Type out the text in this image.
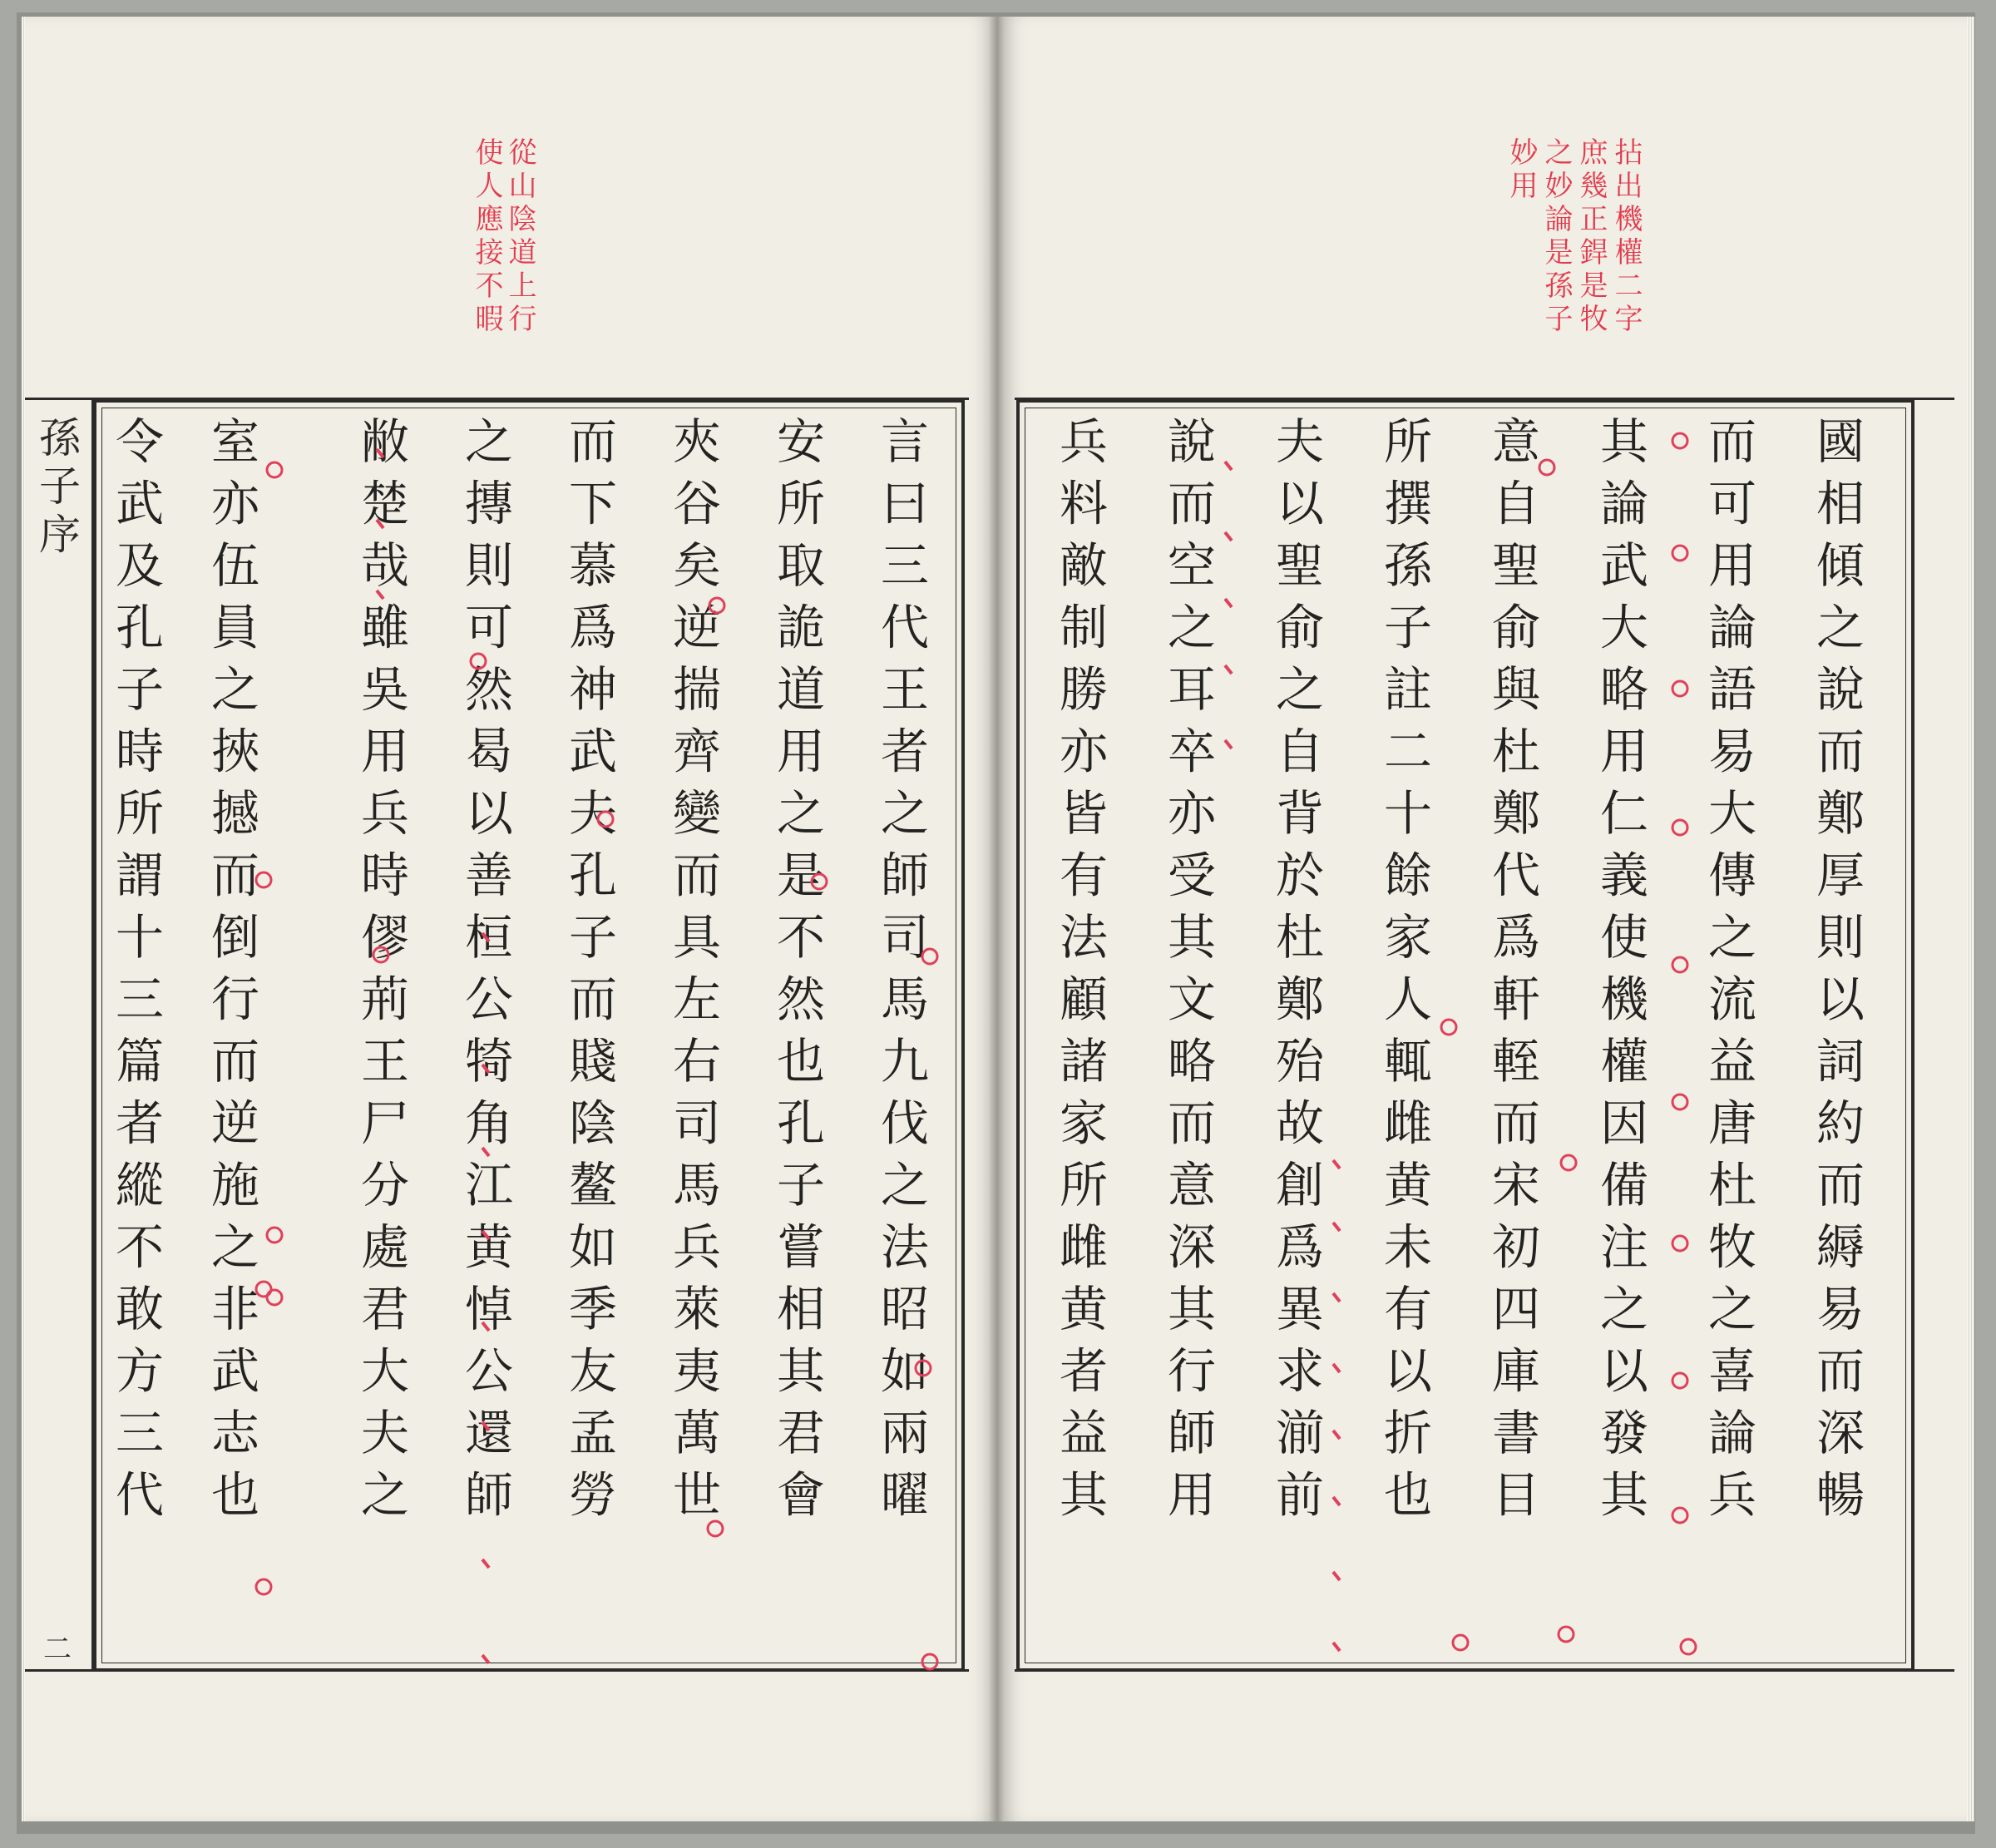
孫子序
二
從山陰道上行
使人應接不暇	拈出機權二字
庶幾正銲是牧
之妙論是孫子
妙用
言曰三代王者之師司馬九伐之法昭如兩曜
安所取詭道用之是不然也孔子嘗相其君會
夾谷矣逆揣齊變而具左右司馬兵萊夷萬世
而下慕爲神武夫孔子而賤陰鳌如季友孟勞
之摶則可然曷以善桓公犄角江黄悼公還師
敝楚哉雖吳用兵時僇荊王尸分處君大夫之
室亦伍員之挾撼而倒行而逆施之非武志也
令武及孔子時所謂十三篇者縱不敢方三代	國相傾之說而鄭厚則以詞約而縟易而深暢
而可用論語易大傳之流益唐杜牧之喜論兵
其論武大略用仁義使機權因備注之以發其
意自聖俞與杜鄭代爲軒輊而宋初四庫書目
所撰孫子註二十餘家人輒雌黄未有以折也
夫以聖俞之自背於杜鄭殆故創爲異求湔前
說而空之耳卒亦受其文略而意深其行師用
兵料敵制勝亦皆有法顧諸家所雌黄者益其
